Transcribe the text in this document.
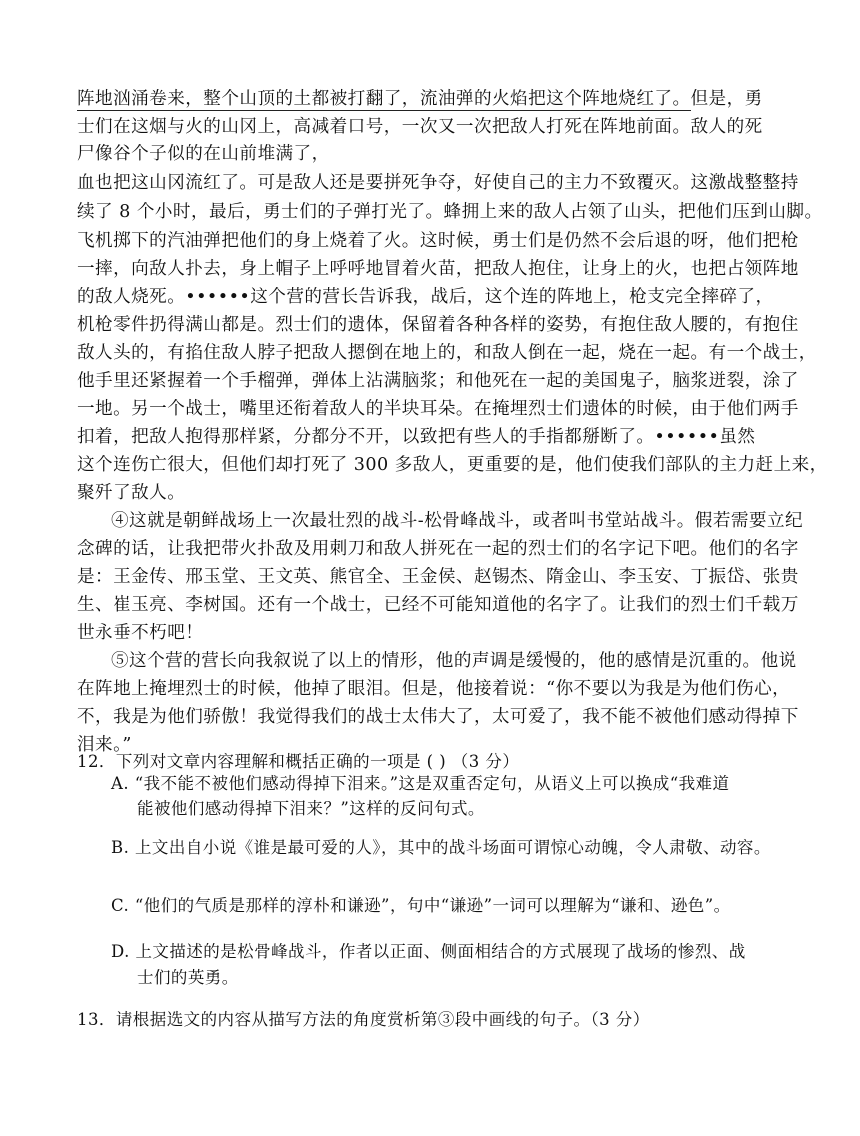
阵地汹涌卷来，整个山顶的土都被打翻了，流油弹的火焰把这个阵地烧红了。但是，勇
士们在这烟与火的山冈上，高减着口号，一次又一次把敌人打死在阵地前面。敌人的死
尸像谷个子似的在山前堆满了，
血也把这山冈流红了。可是敌人还是要拼死争夺，好使自己的主力不致覆灭。这激战整整持
续了 8 个小时，最后，勇士们的子弹打光了。蜂拥上来的敌人占领了山头，把他们压到山脚。
飞机掷下的汽油弹把他们的身上烧着了火。这时候，勇士们是仍然不会后退的呀，他们把枪
一摔，向敌人扑去，身上帽子上呼呼地冒着火苗，把敌人抱住，让身上的火，也把占领阵地
的敌人烧死。••••••这个营的营长告诉我，战后，这个连的阵地上，枪支完全摔碎了，
机枪零件扔得满山都是。烈士们的遗体，保留着各种各样的姿势，有抱住敌人腰的，有抱住
敌人头的，有掐住敌人脖子把敌人摁倒在地上的，和敌人倒在一起，烧在一起。有一个战士，
他手里还紧握着一个手榴弹，弹体上沾满脑浆；和他死在一起的美国鬼子，脑浆迸裂，涂了
一地。另一个战士，嘴里还衔着敌人的半块耳朵。在掩埋烈士们遗体的时候，由于他们两手
扣着，把敌人抱得那样紧，分都分不开，以致把有些人的手指都掰断了。••••••虽然
这个连伤亡很大，但他们却打死了 300 多敌人，更重要的是，他们使我们部队的主力赶上来，
聚歼了敌人。
④这就是朝鲜战场上一次最壮烈的战斗-松骨峰战斗，或者叫书堂站战斗。假若需要立纪
念碑的话，让我把带火扑敌及用刺刀和敌人拼死在一起的烈士们的名字记下吧。他们的名字
是：王金传、邢玉堂、王文英、熊官全、王金侯、赵锡杰、隋金山、李玉安、丁振岱、张贵
生、崔玉亮、李树国。还有一个战士，已经不可能知道他的名字了。让我们的烈士们千载万
世永垂不朽吧！
⑤这个营的营长向我叙说了以上的情形，他的声调是缓慢的，他的感情是沉重的。他说
在阵地上掩埋烈士的时候，他掉了眼泪。但是，他接着说：“你不要以为我是为他们伤心，
不，我是为他们骄傲！我觉得我们的战士太伟大了，太可爱了，我不能不被他们感动得掉下
泪来。”
12．下列对文章内容理解和概括正确的一项是 ( ) （3 分）
A. “我不能不被他们感动得掉下泪来。”这是双重否定句，从语义上可以换成“我难道
能被他们感动得掉下泪来？”这样的反问句式。
B. 上文出自小说《谁是最可爱的人》，其中的战斗场面可谓惊心动魄，令人肃敬、动容。
C. “他们的气质是那样的淳朴和谦逊”，句中“谦逊”一词可以理解为“谦和、逊色”。
D. 上文描述的是松骨峰战斗，作者以正面、侧面相结合的方式展现了战场的惨烈、战
士们的英勇。
13．请根据选文的内容从描写方法的角度赏析第③段中画线的句子。（3 分）
